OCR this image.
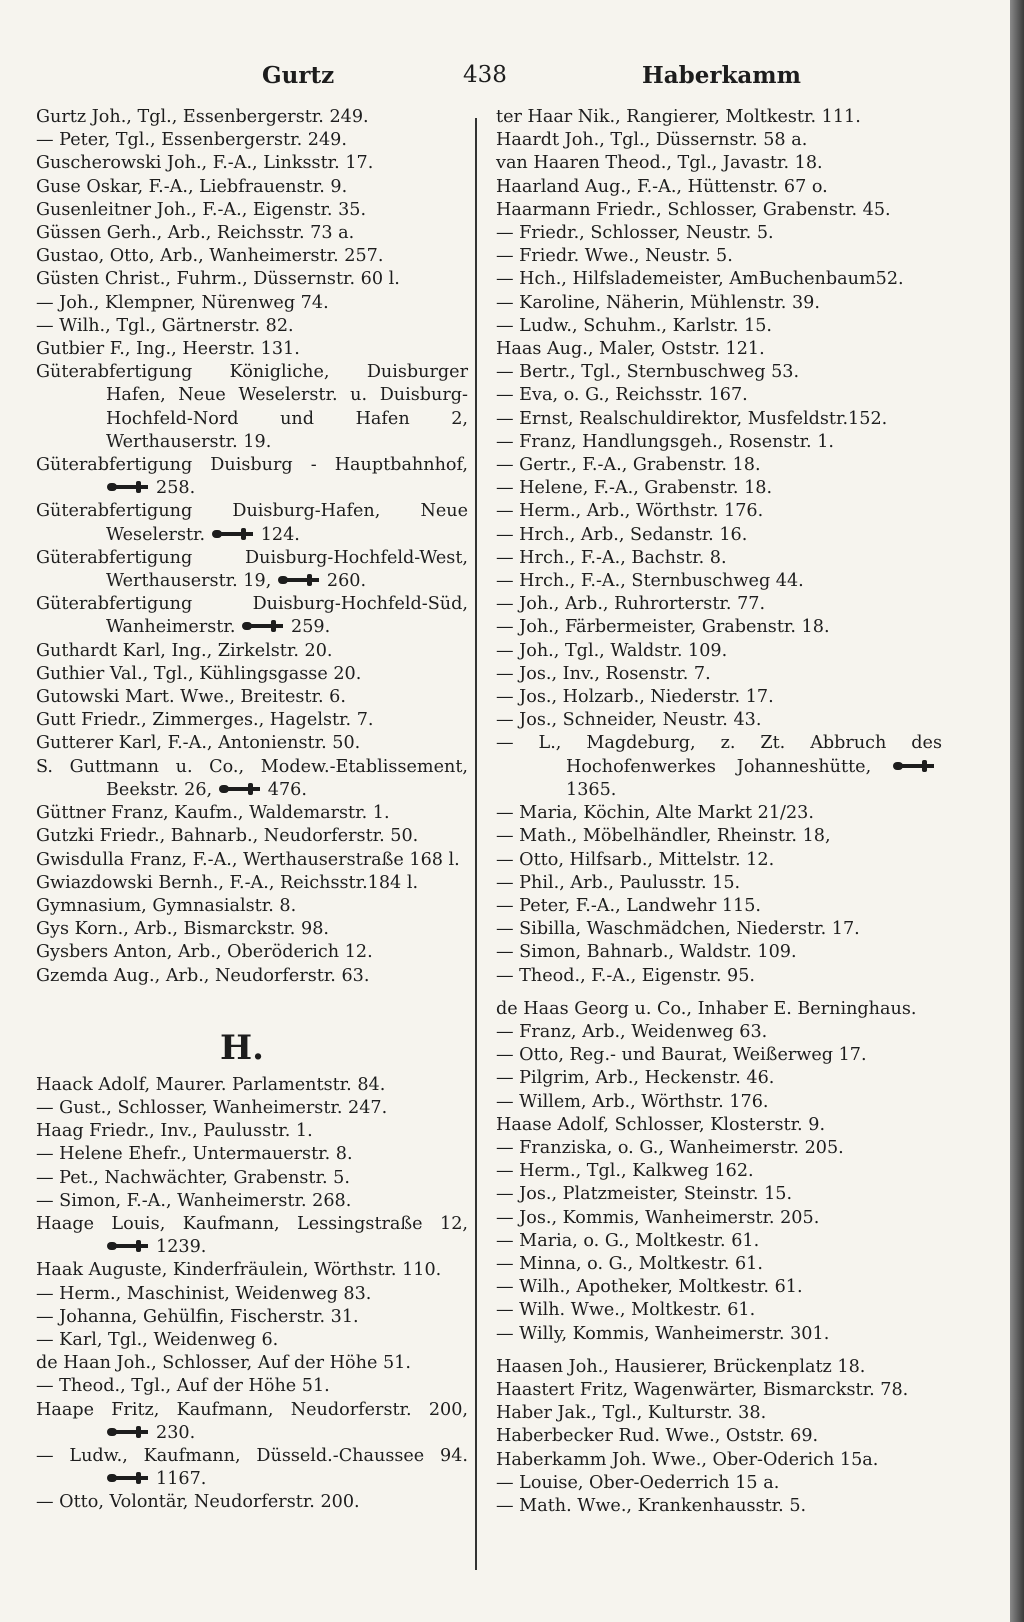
Gurtz	438	Haberkamm
Gurtz Joh., Tgl., Essenbergerstr. 249.
— Peter, Tgl., Essenbergerstr. 249.
Guscherowski Joh., F.-A., Linksstr. 17.
Guse Oskar, F.-A., Liebfrauenstr. 9.
Gusenleitner Joh., F.-A., Eigenstr. 35.
Güssen Gerh., Arb., Reichsstr. 73 a.
Gustao, Otto, Arb., Wanheimerstr. 257.
Güsten Christ., Fuhrm., Düssernstr. 60 l.
— Joh., Klempner, Nürenweg 74.
— Wilh., Tgl., Gärtnerstr. 82.
Gutbier F., Ing., Heerstr. 131.
Güterabfertigung Königliche, Duisburger Hafen, Neue Weselerstr. u. Duisburg-Hochfeld-Nord und Hafen 2, Werthauserstr. 19.
Güterabfertigung Duisburg - Hauptbahnhof,
258.
Güterabfertigung Duisburg-Hafen, Neue Weselerstr.	124.
Güterabfertigung Duisburg-Hochfeld-West, Werthauserstr. 19,	260.
Güterabfertigung Duisburg-Hochfeld-Süd, Wanheimerstr.	259.
Guthardt Karl, Ing., Zirkelstr. 20.
Guthier Val., Tgl., Kühlingsgasse 20.
Gutowski Mart. Wwe., Breitestr. 6.
Gutt Friedr., Zimmerges., Hagelstr. 7.
Gutterer Karl, F.-A., Antonienstr. 50.
S. Guttmann u. Co., Modew.-Etablissement, Beekstr. 26,	476.
Güttner Franz, Kaufm., Waldemarstr. 1.
Gutzki Friedr., Bahnarb., Neudorferstr. 50.
Gwisdulla Franz, F.-A., Werthauserstraße 168 l.
Gwiazdowski Bernh., F.-A., Reichsstr.184 l.
Gymnasium, Gymnasialstr. 8.
Gys Korn., Arb., Bismarckstr. 98.
Gysbers Anton, Arb., Oberöderich 12.
Gzemda Aug., Arb., Neudorferstr. 63.
H.
Haack Adolf, Maurer. Parlamentstr. 84.
— Gust., Schlosser, Wanheimerstr. 247.
Haag Friedr., Inv., Paulusstr. 1.
— Helene Ehefr., Untermauerstr. 8.
— Pet., Nachwächter, Grabenstr. 5.
— Simon, F.-A., Wanheimerstr. 268.
Haage Louis, Kaufmann, Lessingstraße 12,
1239.
Haak Auguste, Kinderfräulein, Wörthstr. 110.
— Herm., Maschinist, Weidenweg 83.
— Johanna, Gehülfin, Fischerstr. 31.
— Karl, Tgl., Weidenweg 6.
de Haan Joh., Schlosser, Auf der Höhe 51.
— Theod., Tgl., Auf der Höhe 51.
Haape Fritz, Kaufmann, Neudorferstr. 200,
230.
— Ludw., Kaufmann, Düsseld.-Chaussee 94.
1167.
— Otto, Volontär, Neudorferstr. 200.
ter Haar Nik., Rangierer, Moltkestr. 111.
Haardt Joh., Tgl., Düssernstr. 58 a.
van Haaren Theod., Tgl., Javastr. 18.
Haarland Aug., F.-A., Hüttenstr. 67 o.
Haarmann Friedr., Schlosser, Grabenstr. 45.
— Friedr., Schlosser, Neustr. 5.
— Friedr. Wwe., Neustr. 5.
— Hch., Hilfslademeister, AmBuchenbaum52.
— Karoline, Näherin, Mühlenstr. 39.
— Ludw., Schuhm., Karlstr. 15.
Haas Aug., Maler, Oststr. 121.
— Bertr., Tgl., Sternbuschweg 53.
— Eva, o. G., Reichsstr. 167.
— Ernst, Realschuldirektor, Musfeldstr.152.
— Franz, Handlungsgeh., Rosenstr. 1.
— Gertr., F.-A., Grabenstr. 18.
— Helene, F.-A., Grabenstr. 18.
— Herm., Arb., Wörthstr. 176.
— Hrch., Arb., Sedanstr. 16.
— Hrch., F.-A., Bachstr. 8.
— Hrch., F.-A., Sternbuschweg 44.
— Joh., Arb., Ruhrorterstr. 77.
— Joh., Färbermeister, Grabenstr. 18.
— Joh., Tgl., Waldstr. 109.
— Jos., Inv., Rosenstr. 7.
— Jos., Holzarb., Niederstr. 17.
— Jos., Schneider, Neustr. 43.
— L., Magdeburg, z. Zt. Abbruch des Hochofenwerkes Johanneshütte,
1365.
— Maria, Köchin, Alte Markt 21/23.
— Math., Möbelhändler, Rheinstr. 18,
— Otto, Hilfsarb., Mittelstr. 12.
— Phil., Arb., Paulusstr. 15.
— Peter, F.-A., Landwehr 115.
— Sibilla, Waschmädchen, Niederstr. 17.
— Simon, Bahnarb., Waldstr. 109.
— Theod., F.-A., Eigenstr. 95.
de Haas Georg u. Co., Inhaber E. Berninghaus.
— Franz, Arb., Weidenweg 63.
— Otto, Reg.- und Baurat, Weißerweg 17.
— Pilgrim, Arb., Heckenstr. 46.
— Willem, Arb., Wörthstr. 176.
Haase Adolf, Schlosser, Klosterstr. 9.
— Franziska, o. G., Wanheimerstr. 205.
— Herm., Tgl., Kalkweg 162.
— Jos., Platzmeister, Steinstr. 15.
— Jos., Kommis, Wanheimerstr. 205.
— Maria, o. G., Moltkestr. 61.
— Minna, o. G., Moltkestr. 61.
— Wilh., Apotheker, Moltkestr. 61.
— Wilh. Wwe., Moltkestr. 61.
— Willy, Kommis, Wanheimerstr. 301.
Haasen Joh., Hausierer, Brückenplatz 18.
Haastert Fritz, Wagenwärter, Bismarckstr. 78.
Haber Jak., Tgl., Kulturstr. 38.
Haberbecker Rud. Wwe., Oststr. 69.
Haberkamm Joh. Wwe., Ober-Oderich 15a.
— Louise, Ober-Oederrich 15 a.
— Math. Wwe., Krankenhausstr. 5.
